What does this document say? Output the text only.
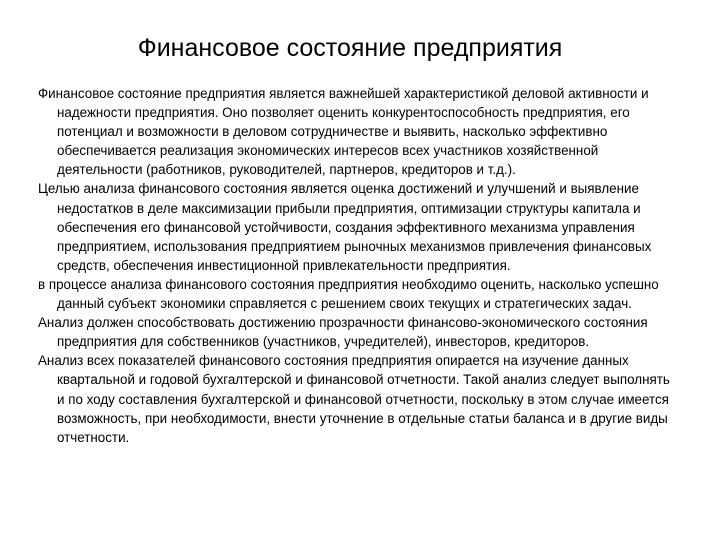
Финансовое состояние предприятия

Финансовое состояние предприятия является важнейшей характеристикой деловой активности и надежности предприятия. Оно позволяет оценить конкурентоспособность предприятия, его потенциал и возможности в деловом сотрудничестве и выявить, насколько эффективно обеспечивается реализация экономических интересов всех участников хозяйственной деятельности (работников, руководителей, партнеров, кредиторов и т.д.).

Целью анализа финансового состояния является оценка достижений и улучшений и выявление недостатков в деле максимизации прибыли предприятия, оптимизации структуры капитала и обеспечения его финансовой устойчивости, создания эффективного механизма управления предприятием, использования предприятием рыночных механизмов привлечения финансовых средств, обеспечения инвестиционной привлекательности предприятия.

в процессе анализа финансового состояния предприятия необходимо оценить, насколько успешно данный субъект экономики справляется с решением своих текущих и стратегических задач.

Анализ должен способствовать достижению прозрачности финансово-экономического состояния предприятия для собственников (участников, учредителей), инвесторов, кредиторов.

Анализ всех показателей финансового состояния предприятия опирается на изучение данных квартальной и годовой бухгалтерской и финансовой отчетности. Такой анализ следует выполнять и по ходу составления бухгалтерской и финансовой отчетности, поскольку в этом случае имеется возможность, при необходимости, внести уточнение в отдельные статьи баланса и в другие виды отчетности.
